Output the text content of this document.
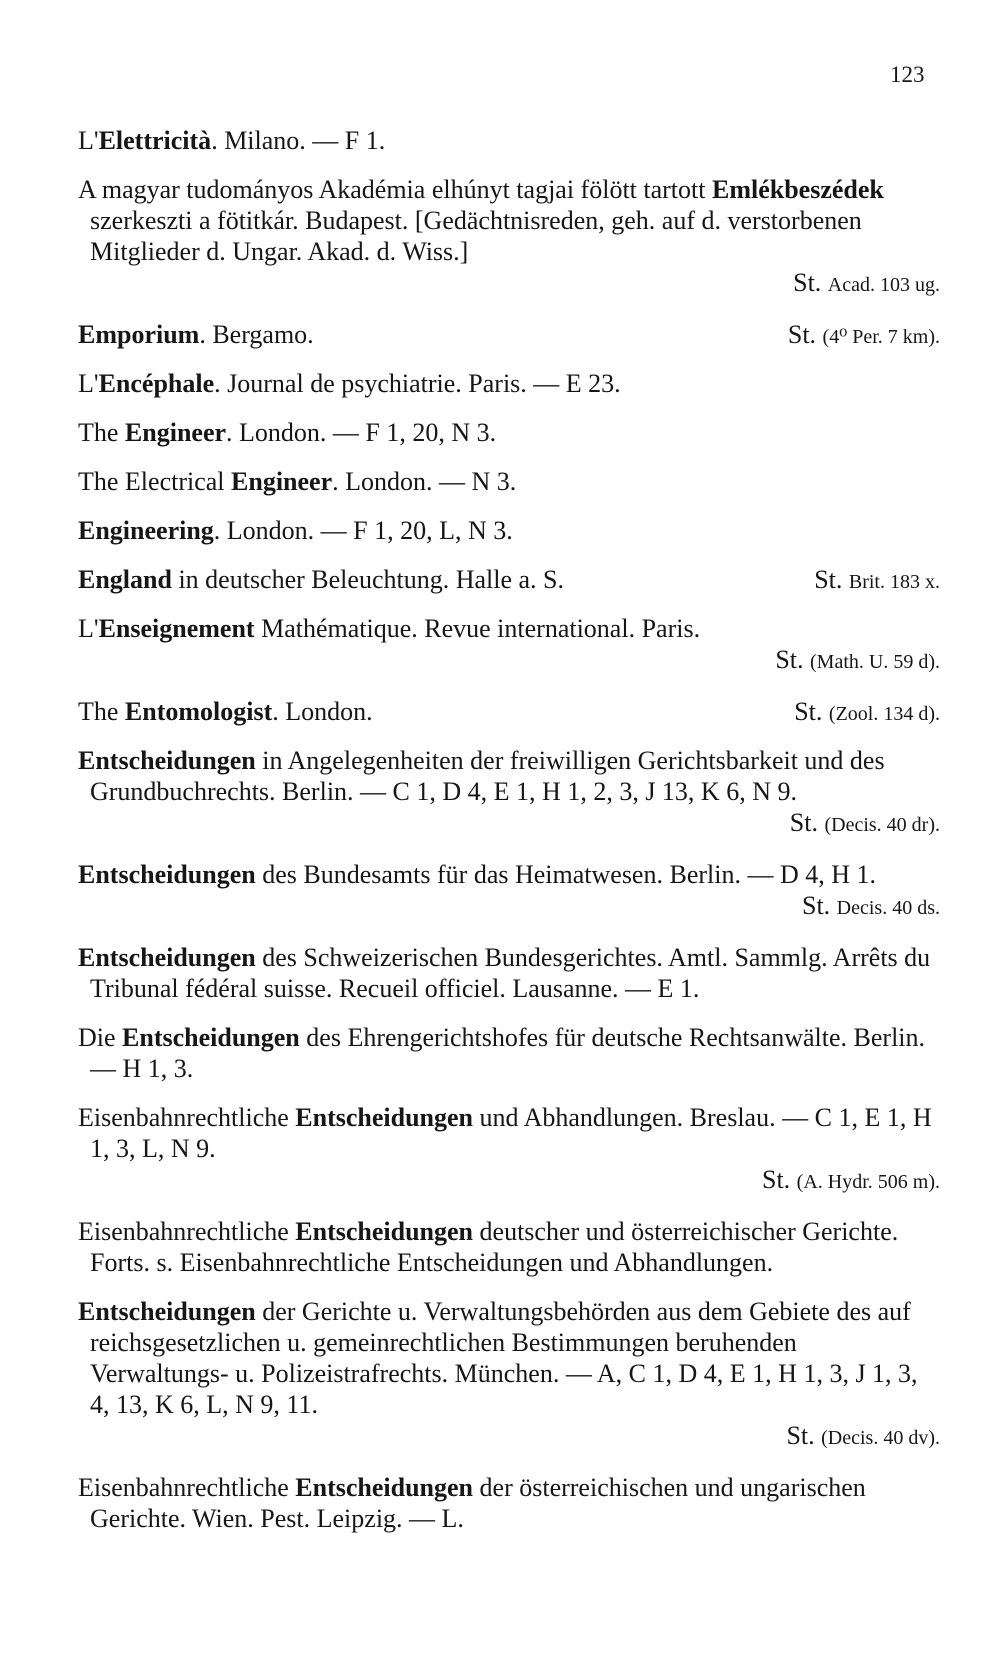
123
L'Elettricità. Milano. — F 1.
A magyar tudományos Akadémia elhúnyt tagjai fölött tartott Emlékbeszédek szerkeszti a fötitkár. Budapest. [Gedächtnisreden, geh. auf d. verstorbenen Mitglieder d. Ungar. Akad. d. Wiss.]
St. Acad. 103 ug.
St. (4⁰ Per. 7 km).
Emporium. Bergamo.
L'Encéphale. Journal de psychiatrie. Paris. — E 23.
The Engineer. London. — F 1, 20, N 3.
The Electrical Engineer. London. — N 3.
Engineering. London. — F 1, 20, L, N 3.
St. Brit. 183 x.
England in deutscher Beleuchtung. Halle a. S.
L'Enseignement Mathématique. Revue international. Paris.
St. (Math. U. 59 d).
St. (Zool. 134 d).
The Entomologist. London.
Entscheidungen in Angelegenheiten der freiwilligen Gerichtsbarkeit und des Grundbuchrechts. Berlin. — C 1, D 4, E 1, H 1, 2, 3, J 13, K 6, N 9.
St. (Decis. 40 dr).
Entscheidungen des Bundesamts für das Heimatwesen. Berlin. — D 4, H 1.
St. Decis. 40 ds.
Entscheidungen des Schweizerischen Bundesgerichtes. Amtl. Sammlg. Arrêts du Tribunal fédéral suisse. Recueil officiel. Lausanne. — E 1.
Die Entscheidungen des Ehrengerichtshofes für deutsche Rechtsanwälte. Berlin. — H 1, 3.
Eisenbahnrechtliche Entscheidungen und Abhandlungen. Breslau. — C 1, E 1, H 1, 3, L, N 9.
St. (A. Hydr. 506 m).
Eisenbahnrechtliche Entscheidungen deutscher und österreichischer Gerichte. Forts. s. Eisenbahnrechtliche Entscheidungen und Abhandlungen.
Entscheidungen der Gerichte u. Verwaltungsbehörden aus dem Gebiete des auf reichsgesetzlichen u. gemeinrechtlichen Bestimmungen beruhenden Verwaltungs- u. Polizeistrafrechts. München. — A, C 1, D 4, E 1, H 1, 3, J 1, 3, 4, 13, K 6, L, N 9, 11.
St. (Decis. 40 dv).
Eisenbahnrechtliche Entscheidungen der österreichischen und ungarischen Gerichte. Wien. Pest. Leipzig. — L.
